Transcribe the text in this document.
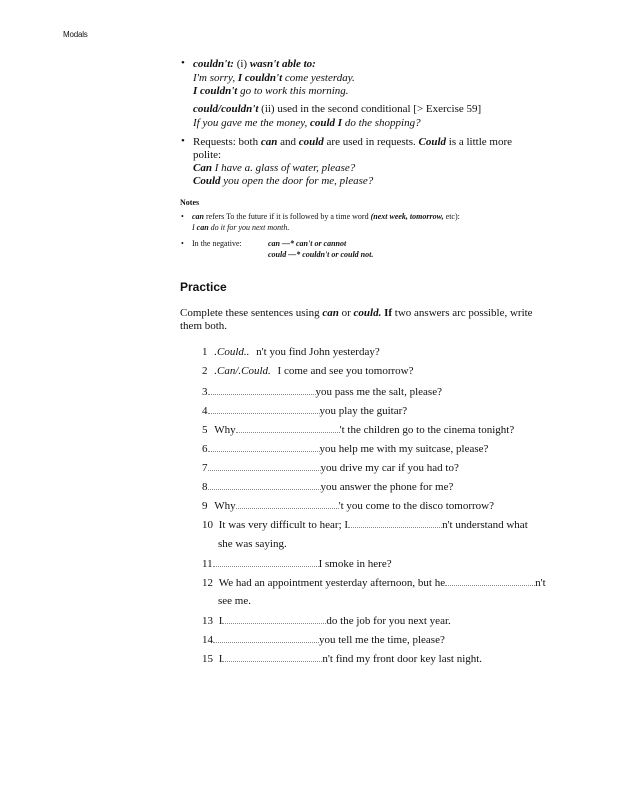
Modals
• couldn't: (i) wasn't able to:
I'm sorry, I couldn't come yesterday.
I couldn't go to work this morning.
could/couldn't (ii) used in the second conditional [> Exercise 59]
If you gave me the money, could I do the shopping?
• Requests: both can and could are used in requests. Could is a little more
polite:
Can I have a. glass of water, please?
Could you open the door for me, please?
Notes
• can refers To the future if it is followed by a time word (next week, tomorrow, etc):
I can do it for you next month.
• In the negative:	can —* can't or cannot
could —* couldn't or could not.
Practice
Complete these sentences using can or could. If two answers arc possible, write
them both.
1 .Could.. n't you find John yesterday?
2 .Can/.Could. I come and see you tomorrow?
3	you pass me the salt, please?
4	you play the guitar?
5 Why	't the children go to the cinema tonight?
6	you help me with my suitcase, please?
7	you drive my car if you had to?
8	you answer the phone for me?
9 Why	't you come to the disco tomorrow?
10 It was very difficult to hear; I	n't understand what
she was saying.
11	I smoke in here?
12 We had an appointment yesterday afternoon, but he	n't
see me.
13 I	do the job for you next year.
14	you tell me the time, please?
15 I	n't find my front door key last night.
